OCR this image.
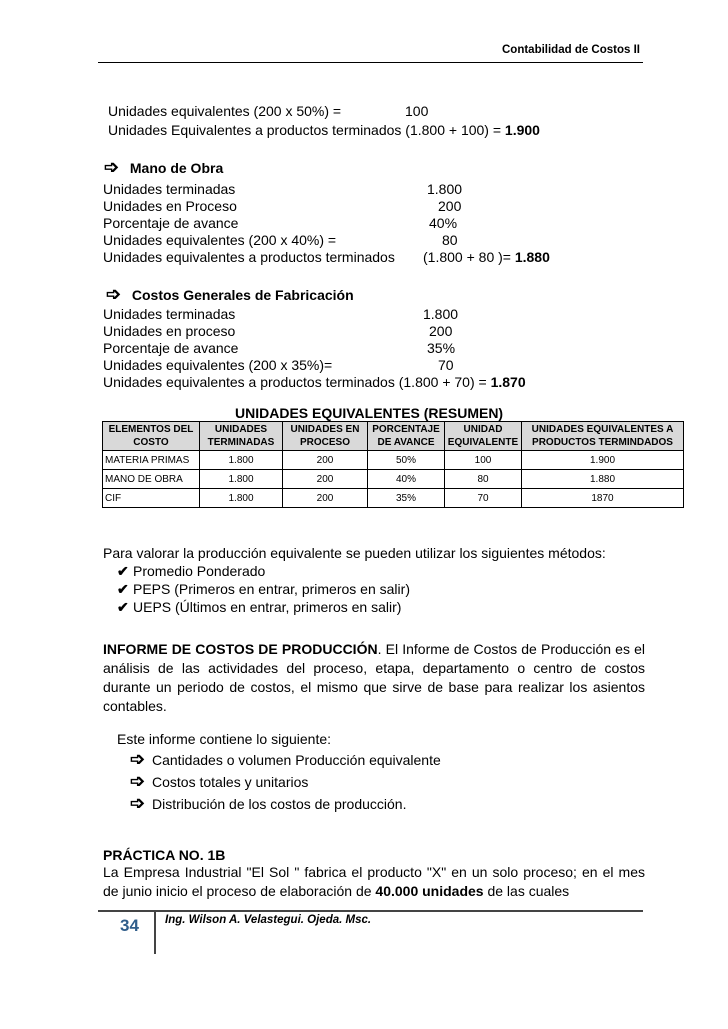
Contabilidad de Costos II
Unidades equivalentes (200 x 50%) =	100
Unidades Equivalentes a productos terminados (1.800 + 100) = 1.900
➩ Mano de Obra
Unidades terminadas	1.800
Unidades en Proceso	200
Porcentaje de avance	40%
Unidades equivalentes (200 x 40%) =	80
Unidades equivalentes a productos terminados (1.800 + 80 )= 1.880
➩ Costos Generales de Fabricación
Unidades terminadas	1.800
Unidades en proceso	200
Porcentaje de avance	35%
Unidades equivalentes (200 x 35%)=	70
Unidades equivalentes a productos terminados (1.800 + 70) = 1.870
UNIDADES EQUIVALENTES (RESUMEN)
ELEMENTOS DEL COSTO	UNIDADES TERMINADAS	UNIDADES EN PROCESO	PORCENTAJE DE AVANCE	UNIDAD EQUIVALENTE	UNIDADES EQUIVALENTES A PRODUCTOS TERMINDADOS
MATERIA PRIMAS	1.800	200	50%	100	1.900
MANO DE OBRA	1.800	200	40%	80	1.880
CIF	1.800	200	35%	70	1870
Para valorar la producción equivalente se pueden utilizar los siguientes métodos:
✔ Promedio Ponderado
✔ PEPS (Primeros en entrar, primeros en salir)
✔ UEPS (Últimos en entrar, primeros en salir)
INFORME DE COSTOS DE PRODUCCIÓN. El Informe de Costos de Producción es el análisis de las actividades del proceso, etapa, departamento o centro de costos durante un periodo de costos, el mismo que sirve de base para realizar los asientos contables.
Este informe contiene lo siguiente:
➩ Cantidades o volumen Producción equivalente
➩ Costos totales y unitarios
➩ Distribución de los costos de producción.
PRÁCTICA NO. 1B
La Empresa Industrial "El Sol " fabrica el producto "X" en un solo proceso; en el mes de junio inicio el proceso de elaboración de 40.000 unidades de las cuales
34 Ing. Wilson A. Velastegui. Ojeda. Msc.
